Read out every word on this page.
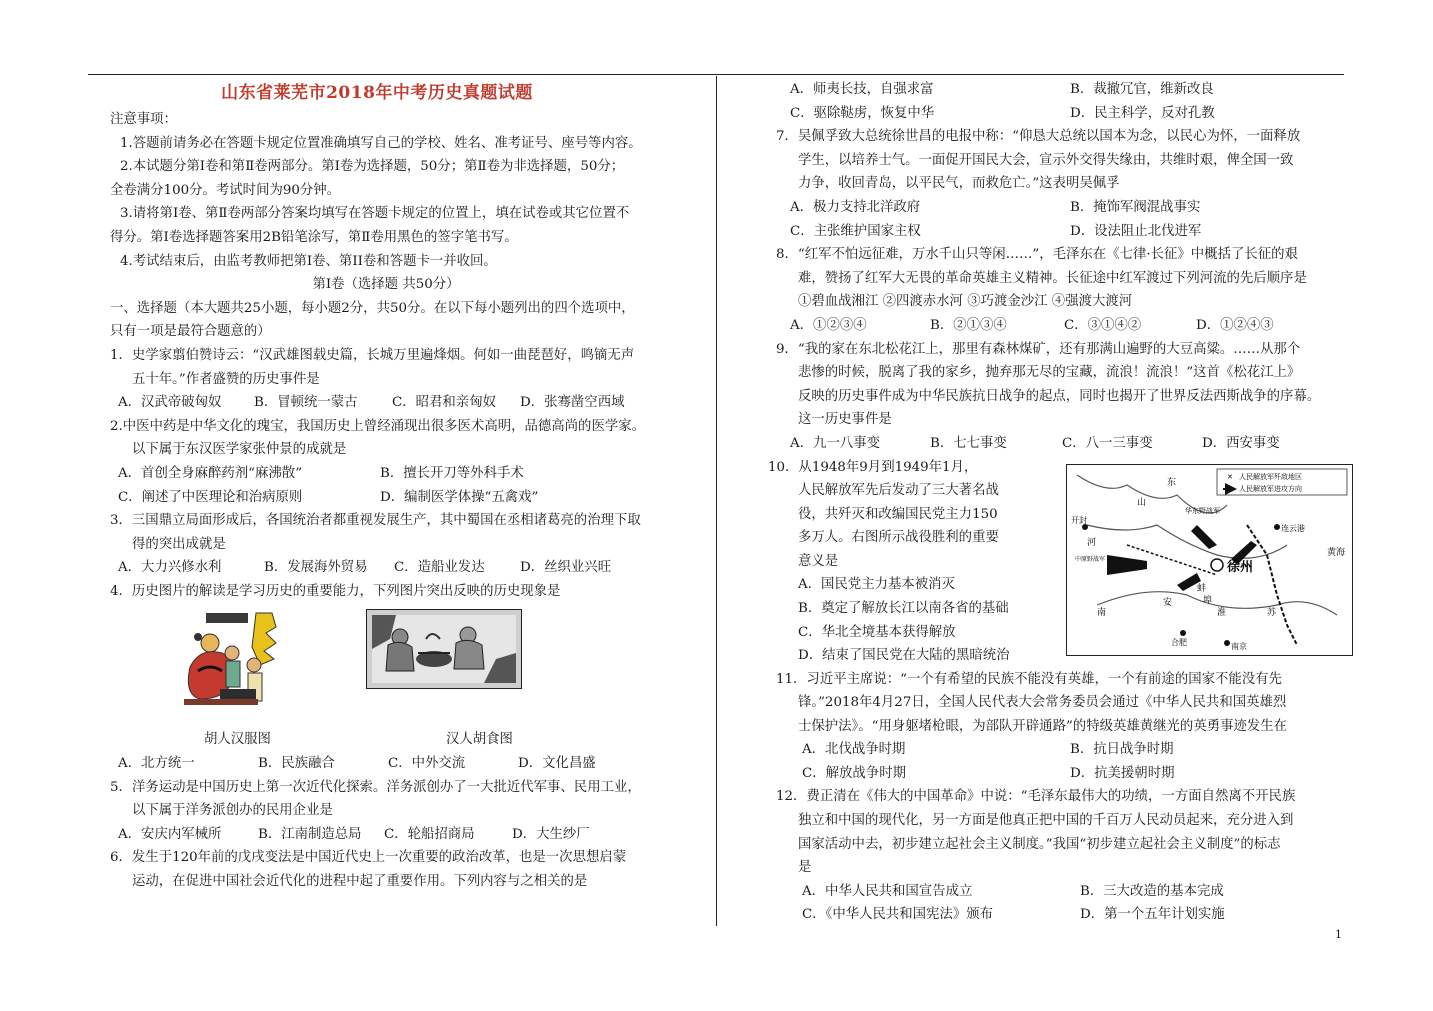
山东省莱芜市2018年中考历史真题试题
注意事项：
1.答题前请务必在答题卡规定位置准确填写自己的学校、姓名、准考证号、座号等内容。
2.本试题分第Ⅰ卷和第Ⅱ卷两部分。第Ⅰ卷为选择题，50分；第Ⅱ卷为非选择题，50分；
全卷满分100分。考试时间为90分钟。
3.请将第Ⅰ卷、第Ⅱ卷两部分答案均填写在答题卡规定的位置上，填在试卷或其它位置不
得分。第Ⅰ卷选择题答案用2B铅笔涂写，第Ⅱ卷用黑色的签字笔书写。
4.考试结束后，由监考教师把第Ⅰ卷、第II卷和答题卡一并收回。
第Ⅰ卷（选择题 共50分）
一、选择题（本大题共25小题，每小题2分，共50分。在以下每小题列出的四个选项中，
只有一项是最符合题意的）
1．史学家翦伯赞诗云：“汉武雄图载史篇，长城万里遍烽烟。何如一曲琵琶好，鸣镝无声
五十年。”作者盛赞的历史事件是
A．汉武帝破匈奴 B．冒顿统一蒙古	C．昭君和亲匈奴 D．张骞凿空西域
2.中医中药是中华文化的瑰宝，我国历史上曾经涌现出很多医术高明，品德高尚的医学家。
以下属于东汉医学家张仲景的成就是
A．首创全身麻醉药剂“麻沸散”	B．擅长开刀等外科手术
C．阐述了中医理论和治病原则	D．编制医学体操“五禽戏”
3．三国鼎立局面形成后，各国统治者都重视发展生产，其中蜀国在丞相诸葛亮的治理下取
得的突出成就是
A．大力兴修水利	B．发展海外贸易 C．造船业发达	D．丝织业兴旺
4．历史图片的解读是学习历史的重要能力，下列图片突出反映的历史现象是
胡人汉服图	汉人胡食图
A．北方统一	B．民族融合	C．中外交流	D．文化昌盛
5．洋务运动是中国历史上第一次近代化探索。洋务派创办了一大批近代军事、民用工业，
以下属于洋务派创办的民用企业是
A．安庆内军械所	B．江南制造总局 C．轮船招商局	D．大生纱厂
6．发生于120年前的戊戌变法是中国近代史上一次重要的政治改革，也是一次思想启蒙
运动，在促进中国社会近代化的进程中起了重要作用。下列内容与之相关的是
A．师夷长技，自强求富	B．裁撤冗官，维新改良
C．驱除鞑虏，恢复中华	D．民主科学，反对孔教
7．吴佩孚致大总统徐世昌的电报中称：“仰恳大总统以国本为念，以民心为怀，一面释放
学生，以培养士气。一面促开国民大会，宣示外交得失缘由，共维时艰，俾全国一致
力争，收回青岛，以平民气，而救危亡。”这表明吴佩孚
A．极力支持北洋政府	B．掩饰军阀混战事实
C．主张维护国家主权	D．设法阻止北伐进军
8．“红军不怕远征难，万水千山只等闲……”，毛泽东在《七律·长征》中概括了长征的艰
难，赞扬了红军大无畏的革命英雄主义精神。长征途中红军渡过下列河流的先后顺序是
①碧血战湘江 ②四渡赤水河 ③巧渡金沙江 ④强渡大渡河
A．①②③④	B．②①③④	C．③①④②	D．①②④③
9．“我的家在东北松花江上，那里有森林煤矿，还有那满山遍野的大豆高粱。……从那个
悲惨的时候，脱离了我的家乡，抛弃那无尽的宝藏，流浪！流浪！”这首《松花江上》
反映的历史事件成为中华民族抗日战争的起点，同时也揭开了世界反法西斯战争的序幕。
这一历史事件是
A．九一八事变	B．七七事变	C．八一三事变	D．西安事变
10．从1948年9月到1949年1月，
人民解放军先后发动了三大著名战
役，共歼灭和改编国民党主力150
多万人。右图所示战役胜利的重要
意义是
A．国民党主力基本被消灭
B．奠定了解放长江以南各省的基础
C．华北全境基本获得解放
D．结束了国民党在大陆的黑暗统治
✕ 人民解放军歼敌地区
人民解放军进攻方向
徐州
连云港
开封
南京
合肥
华东野战军
中原野战军
黄海
苏
安
河
南
东
山
淮
蚌
埠
11．习近平主席说：“一个有希望的民族不能没有英雄，一个有前途的国家不能没有先
锋。”2018年4月27日，全国人民代表大会常务委员会通过《中华人民共和国英雄烈
士保护法》。“用身躯堵枪眼，为部队开辟通路”的特级英雄黄继光的英勇事迹发生在
A．北伐战争时期	B．抗日战争时期
C．解放战争时期	D．抗美援朝时期
12．费正清在《伟大的中国革命》中说：“毛泽东最伟大的功绩，一方面自然离不开民族
独立和中国的现代化，另一方面是他真正把中国的千百万人民动员起来，充分进入到
国家活动中去，初步建立起社会主义制度。”我国“初步建立起社会主义制度”的标志
是
A．中华人民共和国宣告成立	B．三大改造的基本完成
C．《中华人民共和国宪法》颁布	D．第一个五年计划实施
1
